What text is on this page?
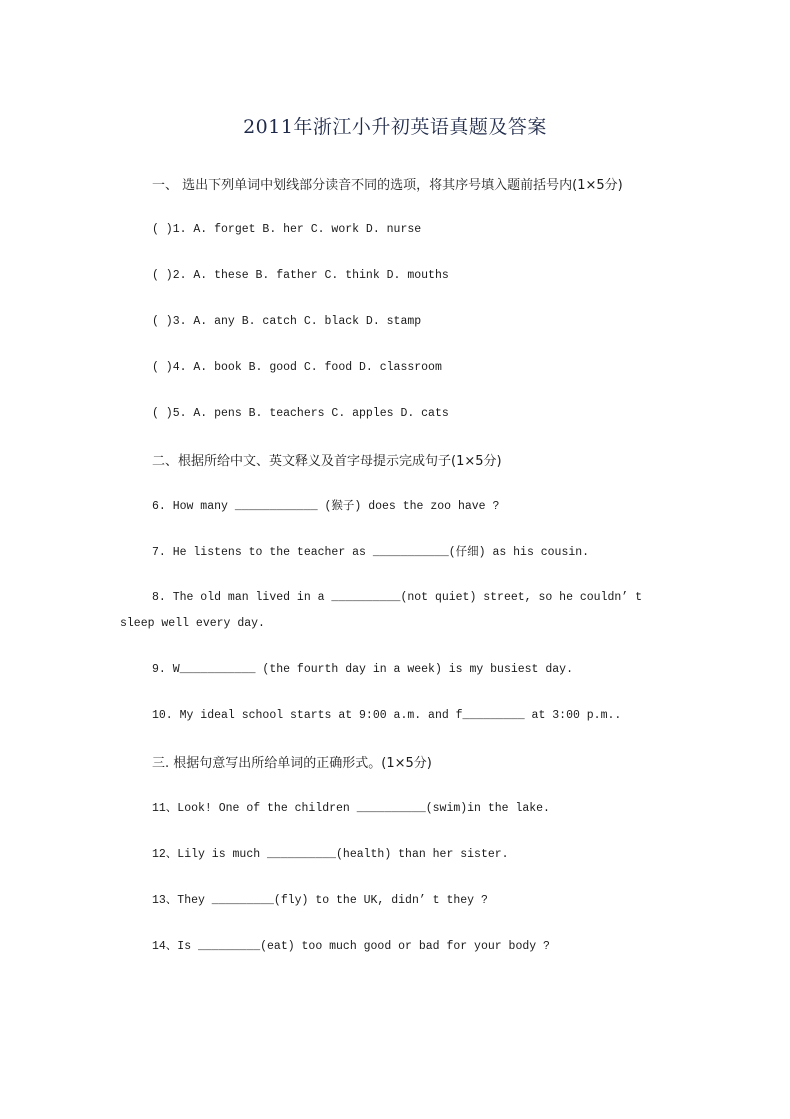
2011年浙江小升初英语真题及答案
一、 选出下列单词中划线部分读音不同的选项，将其序号填入题前括号内(1×5分)
( )1. A. forget B. her C. work D. nurse
( )2. A. these B. father C. think D. mouths
( )3. A. any B. catch C. black D. stamp
( )4. A. book B. good C. food D. classroom
( )5. A. pens B. teachers C. apples D. cats
二、根据所给中文、英文释义及首字母提示完成句子(1×5分)
6. How many ____________ (猴子) does the zoo have ?
7. He listens to the teacher as ___________(仔细) as his cousin.
8. The old man lived in a __________(not quiet) street, so he couldn’ t
sleep well every day.
9. W___________ (the fourth day in a week) is my busiest day.
10. My ideal school starts at 9:00 a.m. and f_________ at 3:00 p.m..
三. 根据句意写出所给单词的正确形式。(1×5分)
11、Look! One of the children __________(swim)in the lake.
12、Lily is much __________(health) than her sister.
13、They _________(fly) to the UK, didn’ t they ?
14、Is _________(eat) too much good or bad for your body ?
